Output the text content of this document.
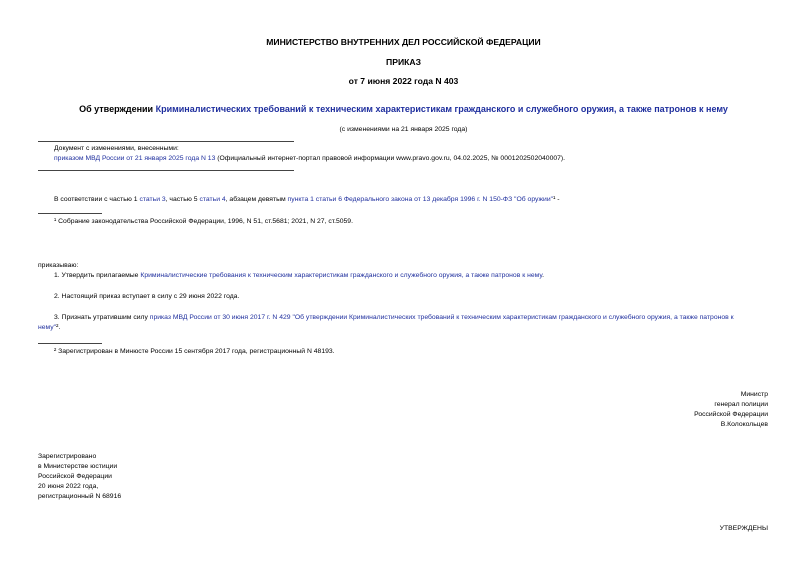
МИНИСТЕРСТВО ВНУТРЕННИХ ДЕЛ РОССИЙСКОЙ ФЕДЕРАЦИИ
ПРИКАЗ
от 7 июня 2022 года N 403
Об утверждении Криминалистических требований к техническим характеристикам гражданского и служебного оружия, а также патронов к нему
(с изменениями на 21 января 2025 года)
Документ с изменениями, внесенными:
приказом МВД России от 21 января 2025 года N 13 (Официальный интернет-портал правовой информации www.pravo.gov.ru, 04.02.2025, № 0001202502040007).
В соответствии с частью 1 статьи 3, частью 5 статьи 4, абзацем девятым пункта 1 статьи 6 Федерального закона от 13 декабря 1996 г. N 150-ФЗ "Об оружии"¹ -
¹ Собрание законодательства Российской Федерации, 1996, N 51, ст.5681; 2021, N 27, ст.5059.
приказываю:
1. Утвердить прилагаемые Криминалистические требования к техническим характеристикам гражданского и служебного оружия, а также патронов к нему.
2. Настоящий приказ вступает в силу с 29 июня 2022 года.
3. Признать утратившим силу приказ МВД России от 30 июня 2017 г. N 429 "Об утверждении Криминалистических требований к техническим характеристикам гражданского и служебного оружия, а также патронов к
нему"².
² Зарегистрирован в Минюсте России 15 сентября 2017 года, регистрационный N 48193.
Министр
генерал полиции
Российской Федерации
В.Колокольцев
Зарегистрировано
в Министерстве юстиции
Российской Федерации
20 июня 2022 года,
регистрационный N 68916
УТВЕРЖДЕНЫ
